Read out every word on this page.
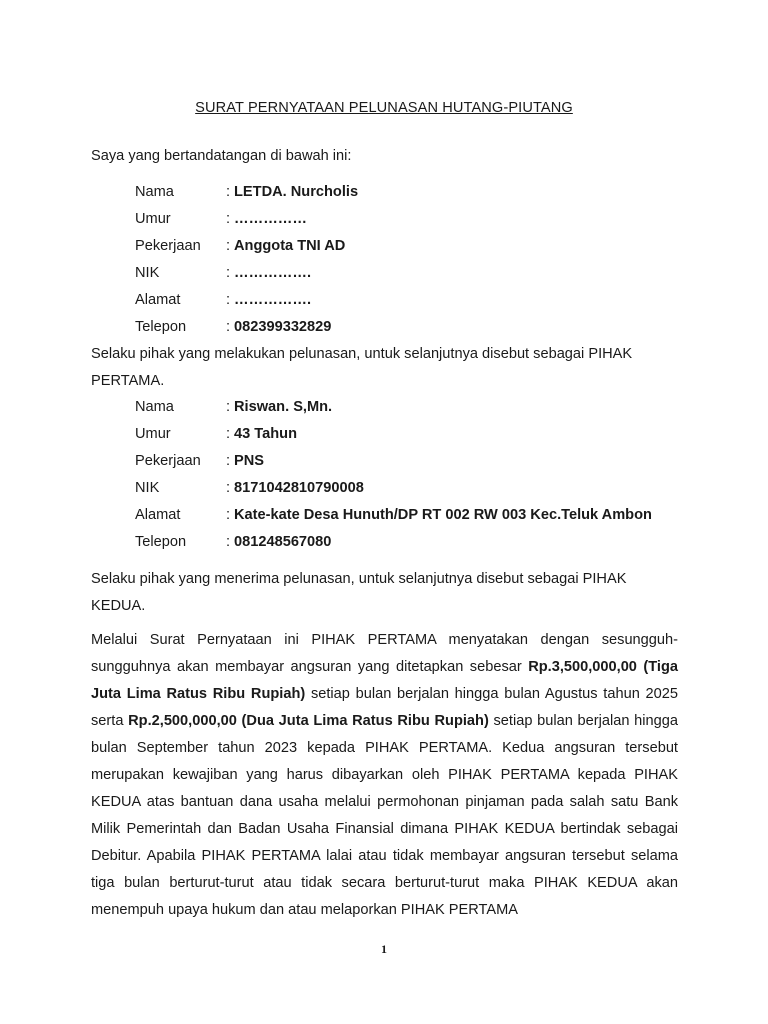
SURAT PERNYATAAN PELUNASAN HUTANG-PIUTANG
Saya yang bertandatangan di bawah ini:
Nama	: LETDA. Nurcholis
Umur	: ……………
Pekerjaan	: Anggota TNI AD
NIK	: …………….
Alamat	: …………….
Telepon	: 082399332829
Selaku pihak yang melakukan pelunasan, untuk selanjutnya disebut sebagai PIHAK PERTAMA.
Nama	: Riswan. S,Mn.
Umur	: 43 Tahun
Pekerjaan	: PNS
NIK	: 8171042810790008
Alamat	: Kate-kate Desa Hunuth/DP RT 002 RW 003 Kec.Teluk Ambon
Telepon	: 081248567080
Selaku pihak yang menerima pelunasan, untuk selanjutnya disebut sebagai PIHAK KEDUA.
Melalui Surat Pernyataan ini PIHAK PERTAMA menyatakan dengan sesungguh-sungguhnya akan membayar angsuran yang ditetapkan sebesar Rp.3,500,000,00 (Tiga Juta Lima Ratus Ribu Rupiah) setiap bulan berjalan hingga bulan Agustus tahun 2025 serta Rp.2,500,000,00 (Dua Juta Lima Ratus Ribu Rupiah) setiap bulan berjalan hingga bulan September tahun 2023 kepada PIHAK PERTAMA. Kedua angsuran tersebut merupakan kewajiban yang harus dibayarkan oleh PIHAK PERTAMA kepada PIHAK KEDUA atas bantuan dana usaha melalui permohonan pinjaman pada salah satu Bank Milik Pemerintah dan Badan Usaha Finansial dimana PIHAK KEDUA bertindak sebagai Debitur. Apabila PIHAK PERTAMA lalai atau tidak membayar angsuran tersebut selama tiga bulan berturut-turut atau tidak secara berturut-turut maka PIHAK KEDUA akan menempuh upaya hukum dan atau melaporkan PIHAK PERTAMA
1
